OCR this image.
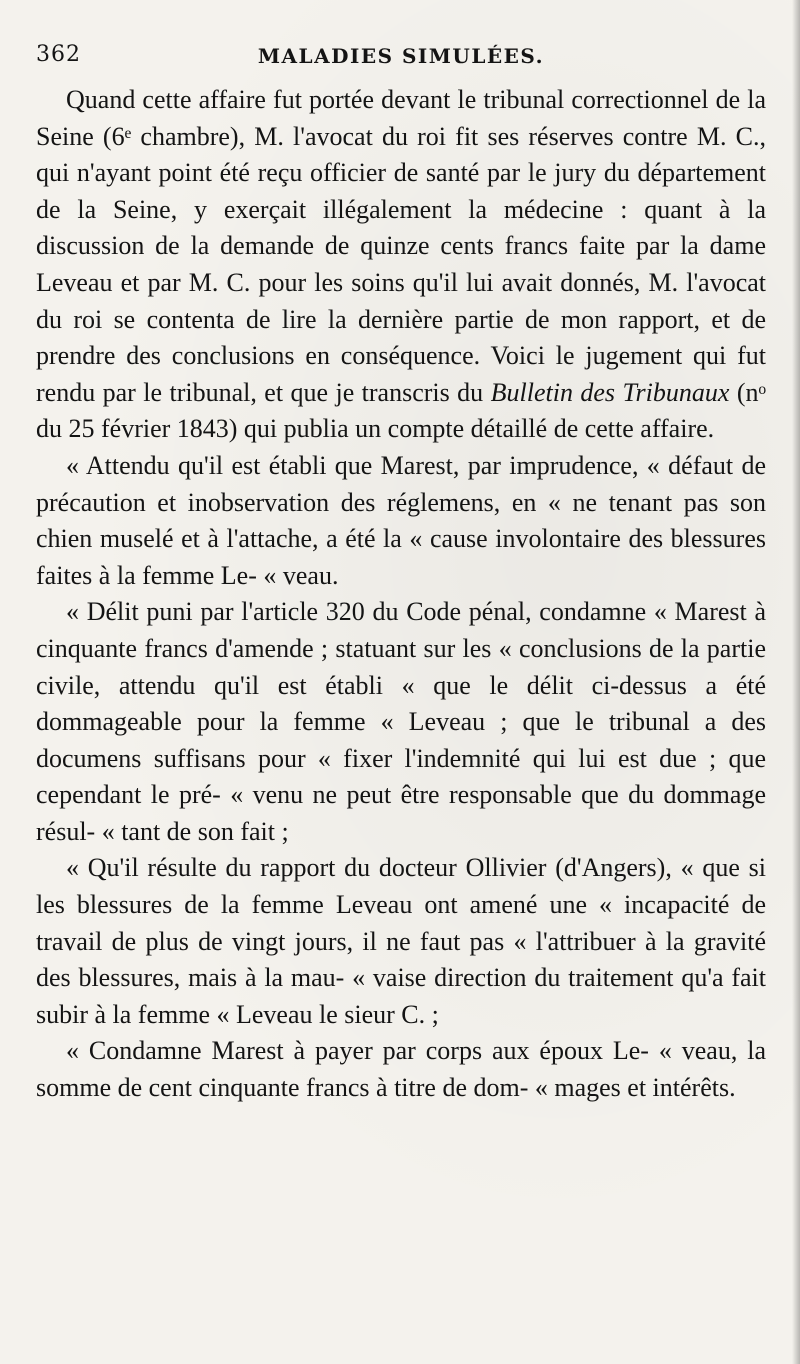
362	MALADIES SIMULÉES.

Quand cette affaire fut portée devant le tribunal correctionnel de la Seine (6ᵉ chambre), M. l'avocat du roi fit ses réserves contre M. C., qui n'ayant point été reçu officier de santé par le jury du département de la Seine, y exerçait illégalement la médecine : quant à la discussion de la demande de quinze cents francs faite par la dame Leveau et par M. C. pour les soins qu'il lui avait donnés, M. l'avocat du roi se contenta de lire la dernière partie de mon rapport, et de prendre des conclusions en conséquence. Voici le jugement qui fut rendu par le tribunal, et que je transcris du Bulletin des Tribunaux (nᵒ du 25 février 1843) qui publia un compte détaillé de cette affaire.

« Attendu qu'il est établi que Marest, par imprudence, « défaut de précaution et inobservation des réglemens, en « ne tenant pas son chien muselé et à l'attache, a été la « cause involontaire des blessures faites à la femme Le- « veau.

« Délit puni par l'article 320 du Code pénal, condamne « Marest à cinquante francs d'amende ; statuant sur les « conclusions de la partie civile, attendu qu'il est établi « que le délit ci-dessus a été dommageable pour la femme « Leveau ; que le tribunal a des documens suffisans pour « fixer l'indemnité qui lui est due ; que cependant le pré- « venu ne peut être responsable que du dommage résul- « tant de son fait ;

« Qu'il résulte du rapport du docteur Ollivier (d'Angers), « que si les blessures de la femme Leveau ont amené une « incapacité de travail de plus de vingt jours, il ne faut pas « l'attribuer à la gravité des blessures, mais à la mau- « vaise direction du traitement qu'a fait subir à la femme « Leveau le sieur C. ;

« Condamne Marest à payer par corps aux époux Le- « veau, la somme de cent cinquante francs à titre de dom- « mages et intérêts.
